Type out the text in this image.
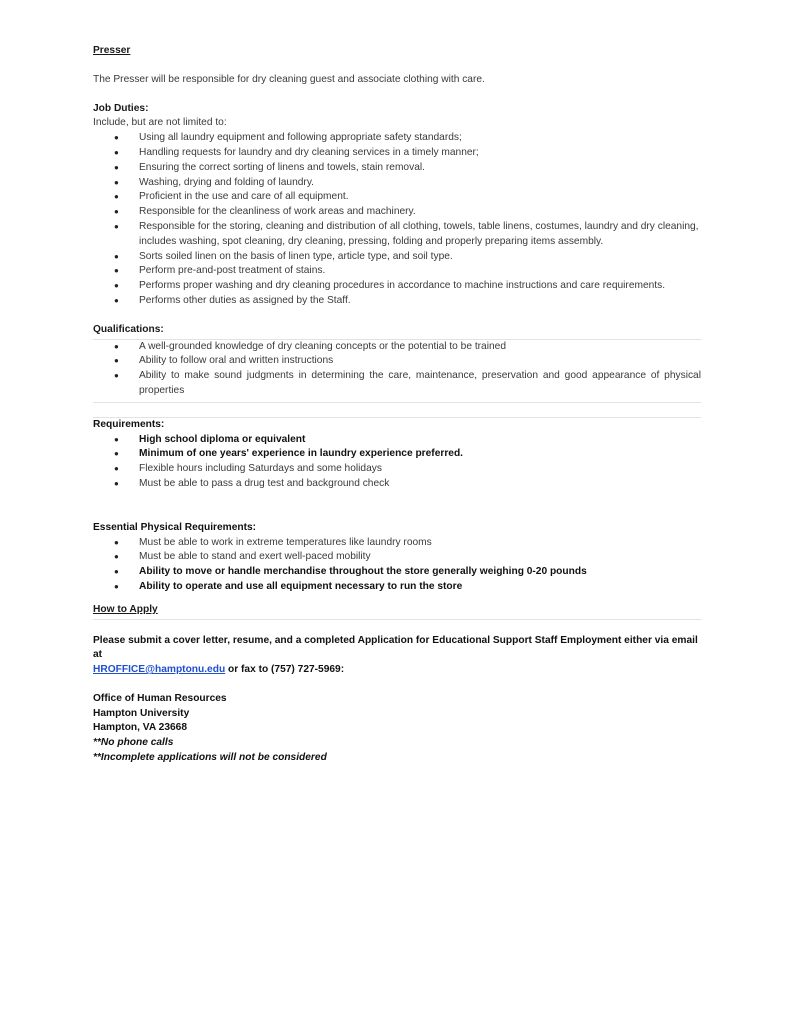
Presser
The Presser will be responsible for dry cleaning guest and associate clothing with care.
Job Duties:
Include, but are not limited to:
● Using all laundry equipment and following appropriate safety standards;
● Handling requests for laundry and dry cleaning services in a timely manner;
● Ensuring the correct sorting of linens and towels, stain removal.
● Washing, drying and folding of laundry.
● Proficient in the use and care of all equipment.
● Responsible for the cleanliness of work areas and machinery.
● Responsible for the storing, cleaning and distribution of all clothing, towels, table linens, costumes, laundry and dry cleaning, includes washing, spot cleaning, dry cleaning, pressing, folding and properly preparing items assembly.
● Sorts soiled linen on the basis of linen type, article type, and soil type.
● Perform pre-and-post treatment of stains.
● Performs proper washing and dry cleaning procedures in accordance to machine instructions and care requirements.
● Performs other duties as assigned by the Staff.
Qualifications:
● A well-grounded knowledge of dry cleaning concepts or the potential to be trained
● Ability to follow oral and written instructions
● Ability to make sound judgments in determining the care, maintenance, preservation and good appearance of physical properties
Requirements:
● High school diploma or equivalent
● Minimum of one years' experience in laundry experience preferred.
● Flexible hours including Saturdays and some holidays
● Must be able to pass a drug test and background check
Essential Physical Requirements:
● Must be able to work in extreme temperatures like laundry rooms
● Must be able to stand and exert well-paced mobility
● Ability to move or handle merchandise throughout the store generally weighing 0-20 pounds
● Ability to operate and use all equipment necessary to run the store
How to Apply
Please submit a cover letter, resume, and a completed Application for Educational Support Staff Employment either via email at
HROFFICE@hamptonu.edu or fax to (757) 727-5969:
Office of Human Resources
Hampton University
Hampton, VA 23668
**No phone calls
**Incomplete applications will not be considered
